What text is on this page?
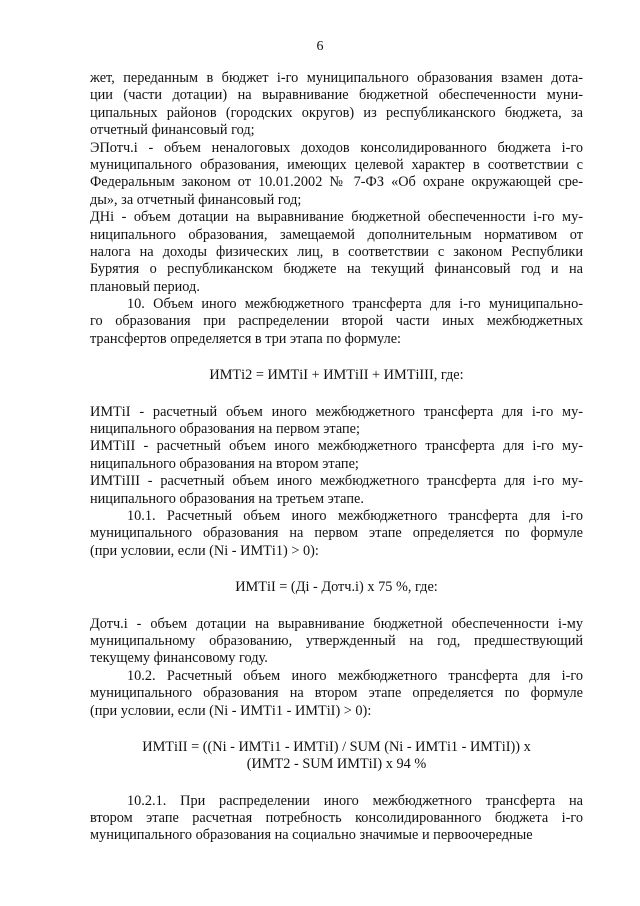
6
жет, переданным в бюджет i-го муниципального образования взамен дота-
ции (части дотации) на выравнивание бюджетной обеспеченности муни-
ципальных районов (городских округов) из республиканского бюджета, за
отчетный финансовый год;
ЭПотч.i - объем неналоговых доходов консолидированного бюджета i-го
муниципального образования, имеющих целевой характер в соответствии с
Федеральным законом от 10.01.2002 № 7-ФЗ «Об охране окружающей сре-
ды», за отчетный финансовый год;
ДНi - объем дотации на выравнивание бюджетной обеспеченности i-го му-
ниципального образования, замещаемой дополнительным нормативом от
налога на доходы физических лиц, в соответствии с законом Республики
Бурятия о республиканском бюджете на текущий финансовый год и на
плановый период.
10. Объем иного межбюджетного трансферта для i-го муниципально-
го образования при распределении второй части иных межбюджетных
трансфертов определяется в три этапа по формуле:
ИМТi2 = ИМТiI + ИМТiII + ИМТiIII, где:
ИМТiI - расчетный объем иного межбюджетного трансферта для i-го му-
ниципального образования на первом этапе;
ИМТiII - расчетный объем иного межбюджетного трансферта для i-го му-
ниципального образования на втором этапе;
ИМТiIII - расчетный объем иного межбюджетного трансферта для i-го му-
ниципального образования на третьем этапе.
10.1. Расчетный объем иного межбюджетного трансферта для i-го
муниципального образования на первом этапе определяется по формуле
(при условии, если (Ni - ИМТi1) > 0):
ИМТiI = (Дi - Дотч.i) x 75 %, где:
Дотч.i - объем дотации на выравнивание бюджетной обеспеченности i-му
муниципальному образованию, утвержденный на год, предшествующий
текущему финансовому году.
10.2. Расчетный объем иного межбюджетного трансферта для i-го
муниципального образования на втором этапе определяется по формуле
(при условии, если (Ni - ИМТi1 - ИМТiI) > 0):
ИМТiII = ((Ni - ИМТi1 - ИМТiI) / SUM (Ni - ИМТi1 - ИМТiI)) x
(ИМТ2 - SUM ИМТiI) x 94 %
10.2.1. При распределении иного межбюджетного трансферта на
втором этапе расчетная потребность консолидированного бюджета i-го
муниципального образования на социально значимые и первоочередные
